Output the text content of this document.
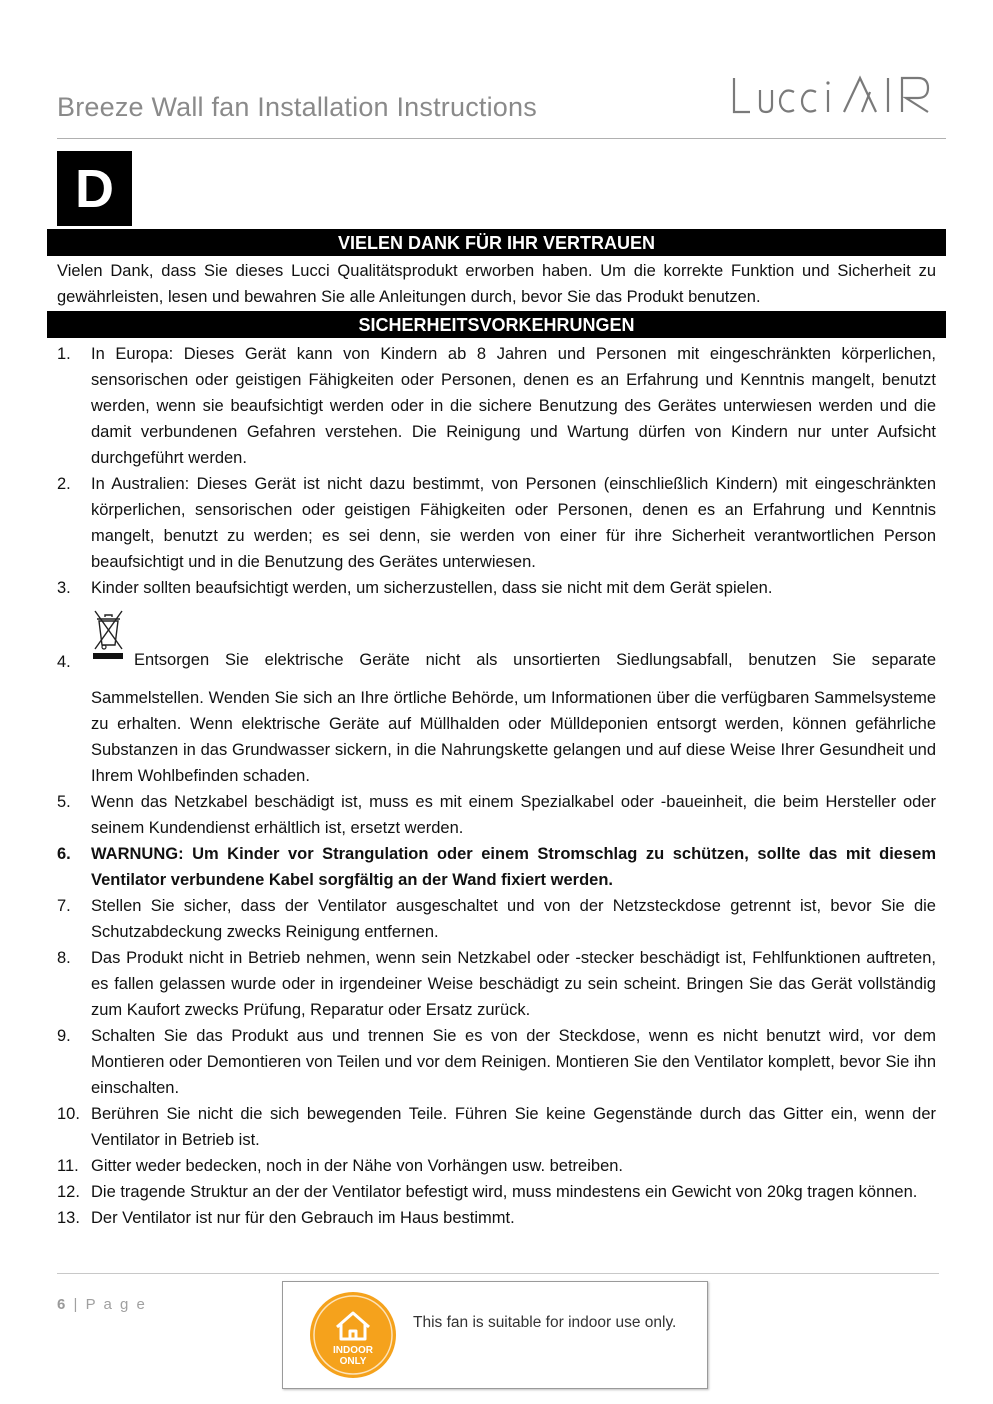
Breeze Wall fan Installation Instructions
D
VIELEN DANK FÜR IHR VERTRAUEN
Vielen Dank, dass Sie dieses Lucci Qualitätsprodukt erworben haben. Um die korrekte Funktion und Sicherheit zu gewährleisten, lesen und bewahren Sie alle Anleitungen durch, bevor Sie das Produkt benutzen.
SICHERHEITSVORKEHRUNGEN
1.	In Europa: Dieses Gerät kann von Kindern ab 8 Jahren und Personen mit eingeschränkten körperlichen, sensorischen oder geistigen Fähigkeiten oder Personen, denen es an Erfahrung und Kenntnis mangelt, benutzt werden, wenn sie beaufsichtigt werden oder in die sichere Benutzung des Gerätes unterwiesen werden und die damit verbundenen Gefahren verstehen. Die Reinigung und Wartung dürfen von Kindern nur unter Aufsicht durchgeführt werden.
2.	In Australien: Dieses Gerät ist nicht dazu bestimmt, von Personen (einschließlich Kindern) mit eingeschränkten körperlichen, sensorischen oder geistigen Fähigkeiten oder Personen, denen es an Erfahrung und Kenntnis mangelt, benutzt zu werden; es sei denn, sie werden von einer für ihre Sicherheit verantwortlichen Person beaufsichtigt und in die Benutzung des Gerätes unterwiesen.
3.	Kinder sollten beaufsichtigt werden, um sicherzustellen, dass sie nicht mit dem Gerät spielen.
4.	Entsorgen Sie elektrische Geräte nicht als unsortierten Siedlungsabfall, benutzen Sie separate
Sammelstellen. Wenden Sie sich an Ihre örtliche Behörde, um Informationen über die verfügbaren Sammelsysteme zu erhalten. Wenn elektrische Geräte auf Müllhalden oder Mülldeponien entsorgt werden, können gefährliche Substanzen in das Grundwasser sickern, in die Nahrungskette gelangen und auf diese Weise Ihrer Gesundheit und Ihrem Wohlbefinden schaden.
5.	Wenn das Netzkabel beschädigt ist, muss es mit einem Spezialkabel oder -baueinheit, die beim Hersteller oder seinem Kundendienst erhältlich ist, ersetzt werden.
6.	WARNUNG: Um Kinder vor Strangulation oder einem Stromschlag zu schützen, sollte das mit diesem Ventilator verbundene Kabel sorgfältig an der Wand fixiert werden.
7.	Stellen Sie sicher, dass der Ventilator ausgeschaltet und von der Netzsteckdose getrennt ist, bevor Sie die Schutzabdeckung zwecks Reinigung entfernen.
8.	Das Produkt nicht in Betrieb nehmen, wenn sein Netzkabel oder -stecker beschädigt ist, Fehlfunktionen auftreten, es fallen gelassen wurde oder in irgendeiner Weise beschädigt zu sein scheint. Bringen Sie das Gerät vollständig zum Kaufort zwecks Prüfung, Reparatur oder Ersatz zurück.
9.	Schalten Sie das Produkt aus und trennen Sie es von der Steckdose, wenn es nicht benutzt wird, vor dem Montieren oder Demontieren von Teilen und vor dem Reinigen. Montieren Sie den Ventilator komplett, bevor Sie ihn einschalten.
10. Berühren Sie nicht die sich bewegenden Teile. Führen Sie keine Gegenstände durch das Gitter ein, wenn der Ventilator in Betrieb ist.
11. Gitter weder bedecken, noch in der Nähe von Vorhängen usw. betreiben.
12. Die tragende Struktur an der der Ventilator befestigt wird, muss mindestens ein Gewicht von 20kg tragen können.
13. Der Ventilator ist nur für den Gebrauch im Haus bestimmt.
6 | P a g e
INDOOR
ONLY
This fan is suitable for indoor use only.
